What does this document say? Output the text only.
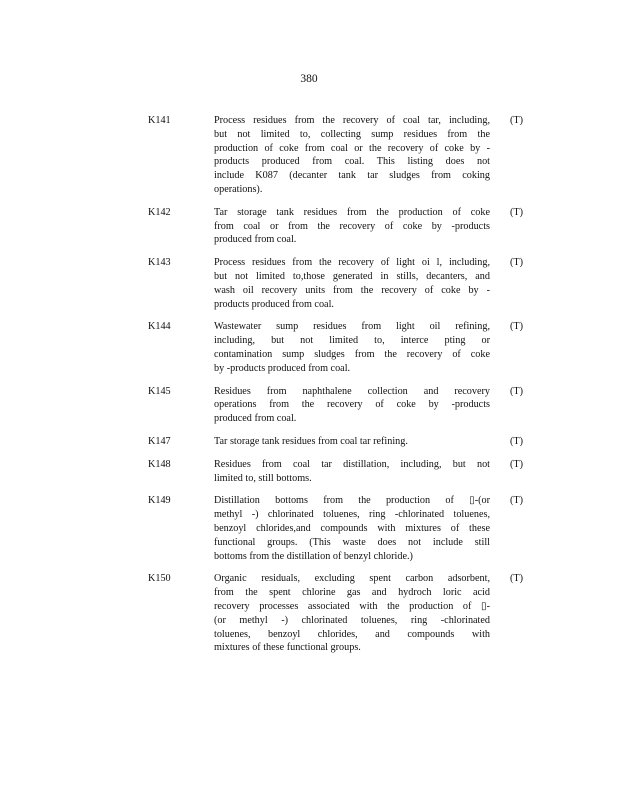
380
K141	Process residues from the recovery of coal tar, including,
but not limited to, collecting sump residues from the
production of coke from coal or the recovery of coke by -
products produced from coal. This listing does not
include K087 (decanter tank tar sludges from coking
operations).
(T)
K142	Tar storage tank residues from the production of coke
from coal or from the recovery of coke by -products
produced from coal.
(T)
K143	Process residues from the recovery of light oi l, including,
but not limited to,those generated in stills, decanters, and
wash oil recovery units from the recovery of coke by -
products produced from coal.
(T)
K144	Wastewater sump residues from light oil refining,
including, but not limited to, interce pting or
contamination sump sludges from the recovery of coke
by -products produced from coal.
(T)
K145	Residues from naphthalene collection and recovery
operations from the recovery of coke by -products
produced from coal.
(T)
K147	Tar storage tank residues from coal tar refining.	(T)
K148	Residues from coal tar distillation, including, but not
limited to, still bottoms.
(T)
K149	Distillation bottoms from the production of ▯-(or
methyl -) chlorinated toluenes, ring -chlorinated toluenes,
benzoyl chlorides,and compounds with mixtures of these
functional groups. (This waste does not include still
bottoms from the distillation of benzyl chloride.)
(T)
K150	Organic residuals, excluding spent carbon adsorbent,
from the spent chlorine gas and hydroch loric acid
recovery processes associated with the production of ▯-
(or methyl -) chlorinated toluenes, ring -chlorinated
toluenes, benzoyl chlorides, and compounds with
mixtures of these functional groups.
(T)
